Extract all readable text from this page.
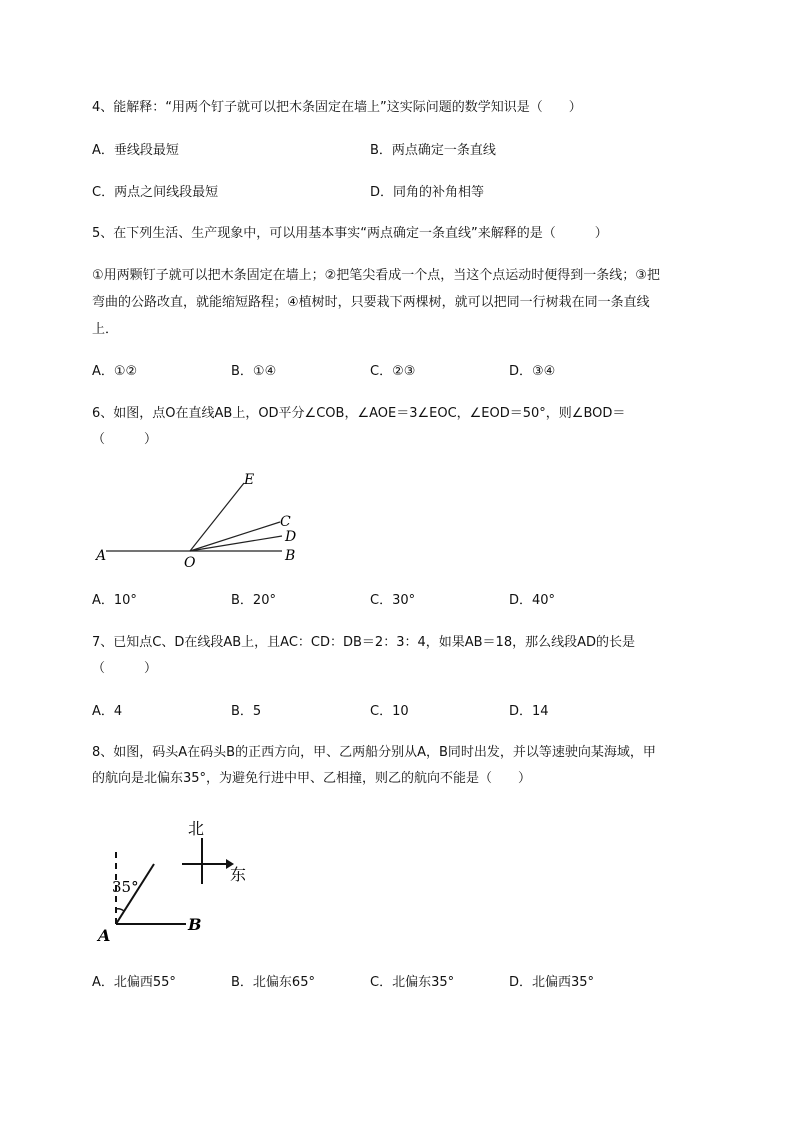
4、能解释：“用两个钉子就可以把木条固定在墙上”这实际问题的数学知识是（　　）
A．垂线段最短	B．两点确定一条直线
C．两点之间线段最短	D．同角的补角相等
5、在下列生活、生产现象中，可以用基本事实“两点确定一条直线”来解释的是（　　　）
①用两颗钉子就可以把木条固定在墙上；②把笔尖看成一个点，当这个点运动时便得到一条线；③把
弯曲的公路改直，就能缩短路程；④植树时，只要栽下两棵树，就可以把同一行树栽在同一条直线
上．
A．①②	B．①④	C．②③	D．③④
6、如图，点O在直线AB上，OD平分∠COB，∠AOE＝3∠EOC，∠EOD＝50°，则∠BOD＝
（　　　）
A	O	B
C
D
E
A．10°	B．20°	C．30°	D．40°
7、已知点C、D在线段AB上，且AC：CD：DB＝2：3：4，如果AB＝18，那么线段AD的长是
（　　　）
A．4	B．5	C．10	D．14
8、如图，码头A在码头B的正西方向，甲、乙两船分别从A，B同时出发，并以等速驶向某海域，甲
的航向是北偏东35°，为避免行进中甲、乙相撞，则乙的航向不能是（　　）
35°
A
B
北
东
A．北偏西55°	B．北偏东65°	C．北偏东35°	D．北偏西35°
